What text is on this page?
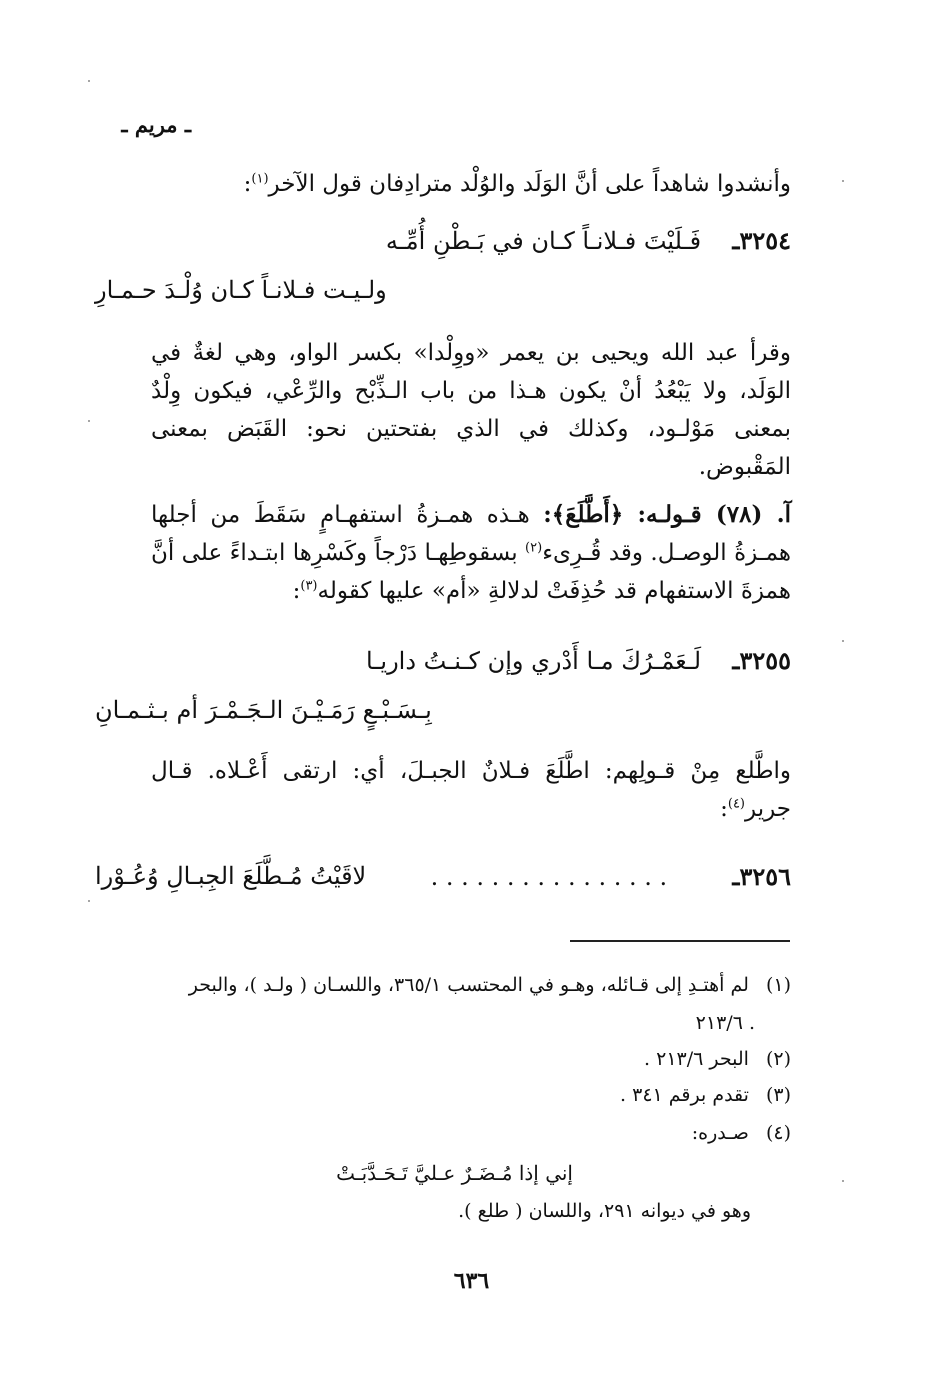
ـ مريم ـ
وأنشدوا شاهداً على أنَّ الوَلَد والوُلْد مترادِفان قول الآخر$^{(١)}$:
٣٢٥٤ـ  فَـلَيْتَ فـلانـاً كـان في بَـطْنِ أُمِّـه
ولـيـت فـلانـاً كـان وُلْـدَ حـمـارِ
وقرأ عبد الله ويحيى بن يعمر «ووِلْدا» بكسر الواو، وهي لغةٌ في الوَلَد، ولا يَبْعُدُ أنْ يكون هـذا من باب الـذِّبْح والرِّعْي، فيكون وِلْدٌ بمعنى مَوْلـود، وكذلك في الذي بفتحتين نحو: القَبَض بمعنى المَقْبوض.
آ. (٧٨) قـولـه: ﴿أَطَّلَعَ﴾: هـذه همـزةُ استفهـامٍ سَقَطَ من أجلها همـزةُ الوصـل. وقد قُـرِىء$^{(٢)}$ بسقوطِهـا دَرْجاً وكَسْرِها ابتـداءً على أنَّ همزةَ الاستفهام قد حُذِفَتْ لدلالةِ «أم» عليها كقوله$^{(٣)}$:
٣٢٥٥ـ  لَـعَمْـرُكَ مـا أَدْري وإن كـنـتُ داريـا
بِـسَـبْـعٍ رَمَـيْـنَ الـجَـمْـرَ أم بـثـمـانِ
واطَّلع مِنْ قـولِهم: اطَّلَعَ فـلانٌ الجبـلَ، أي: ارتقى أَعْـلاه. قـال جرير$^{(٤)}$:
٣٢٥٦ـ  . . . . . . . . . . . . . . . .
لاقَيْتُ مُـطَّلَعَ الجِبـالِ وُعُـوْرا
(١) لم أهتـدِ إلى قـائله، وهـو في المحتسب ٣٦٥/١، واللسـان ( ولـد )، والبحر
٢١٣/٦ .
(٢) البحر ٢١٣/٦ .
(٣) تقدم برقم ٣٤١ .
(٤) صـدره:
إني إذا مُـضَـرٌ عـليَّ تَـحَـدَّبَـتْ
وهو في ديوانه ٢٩١، واللسان ( طلع ).
٦٣٦
